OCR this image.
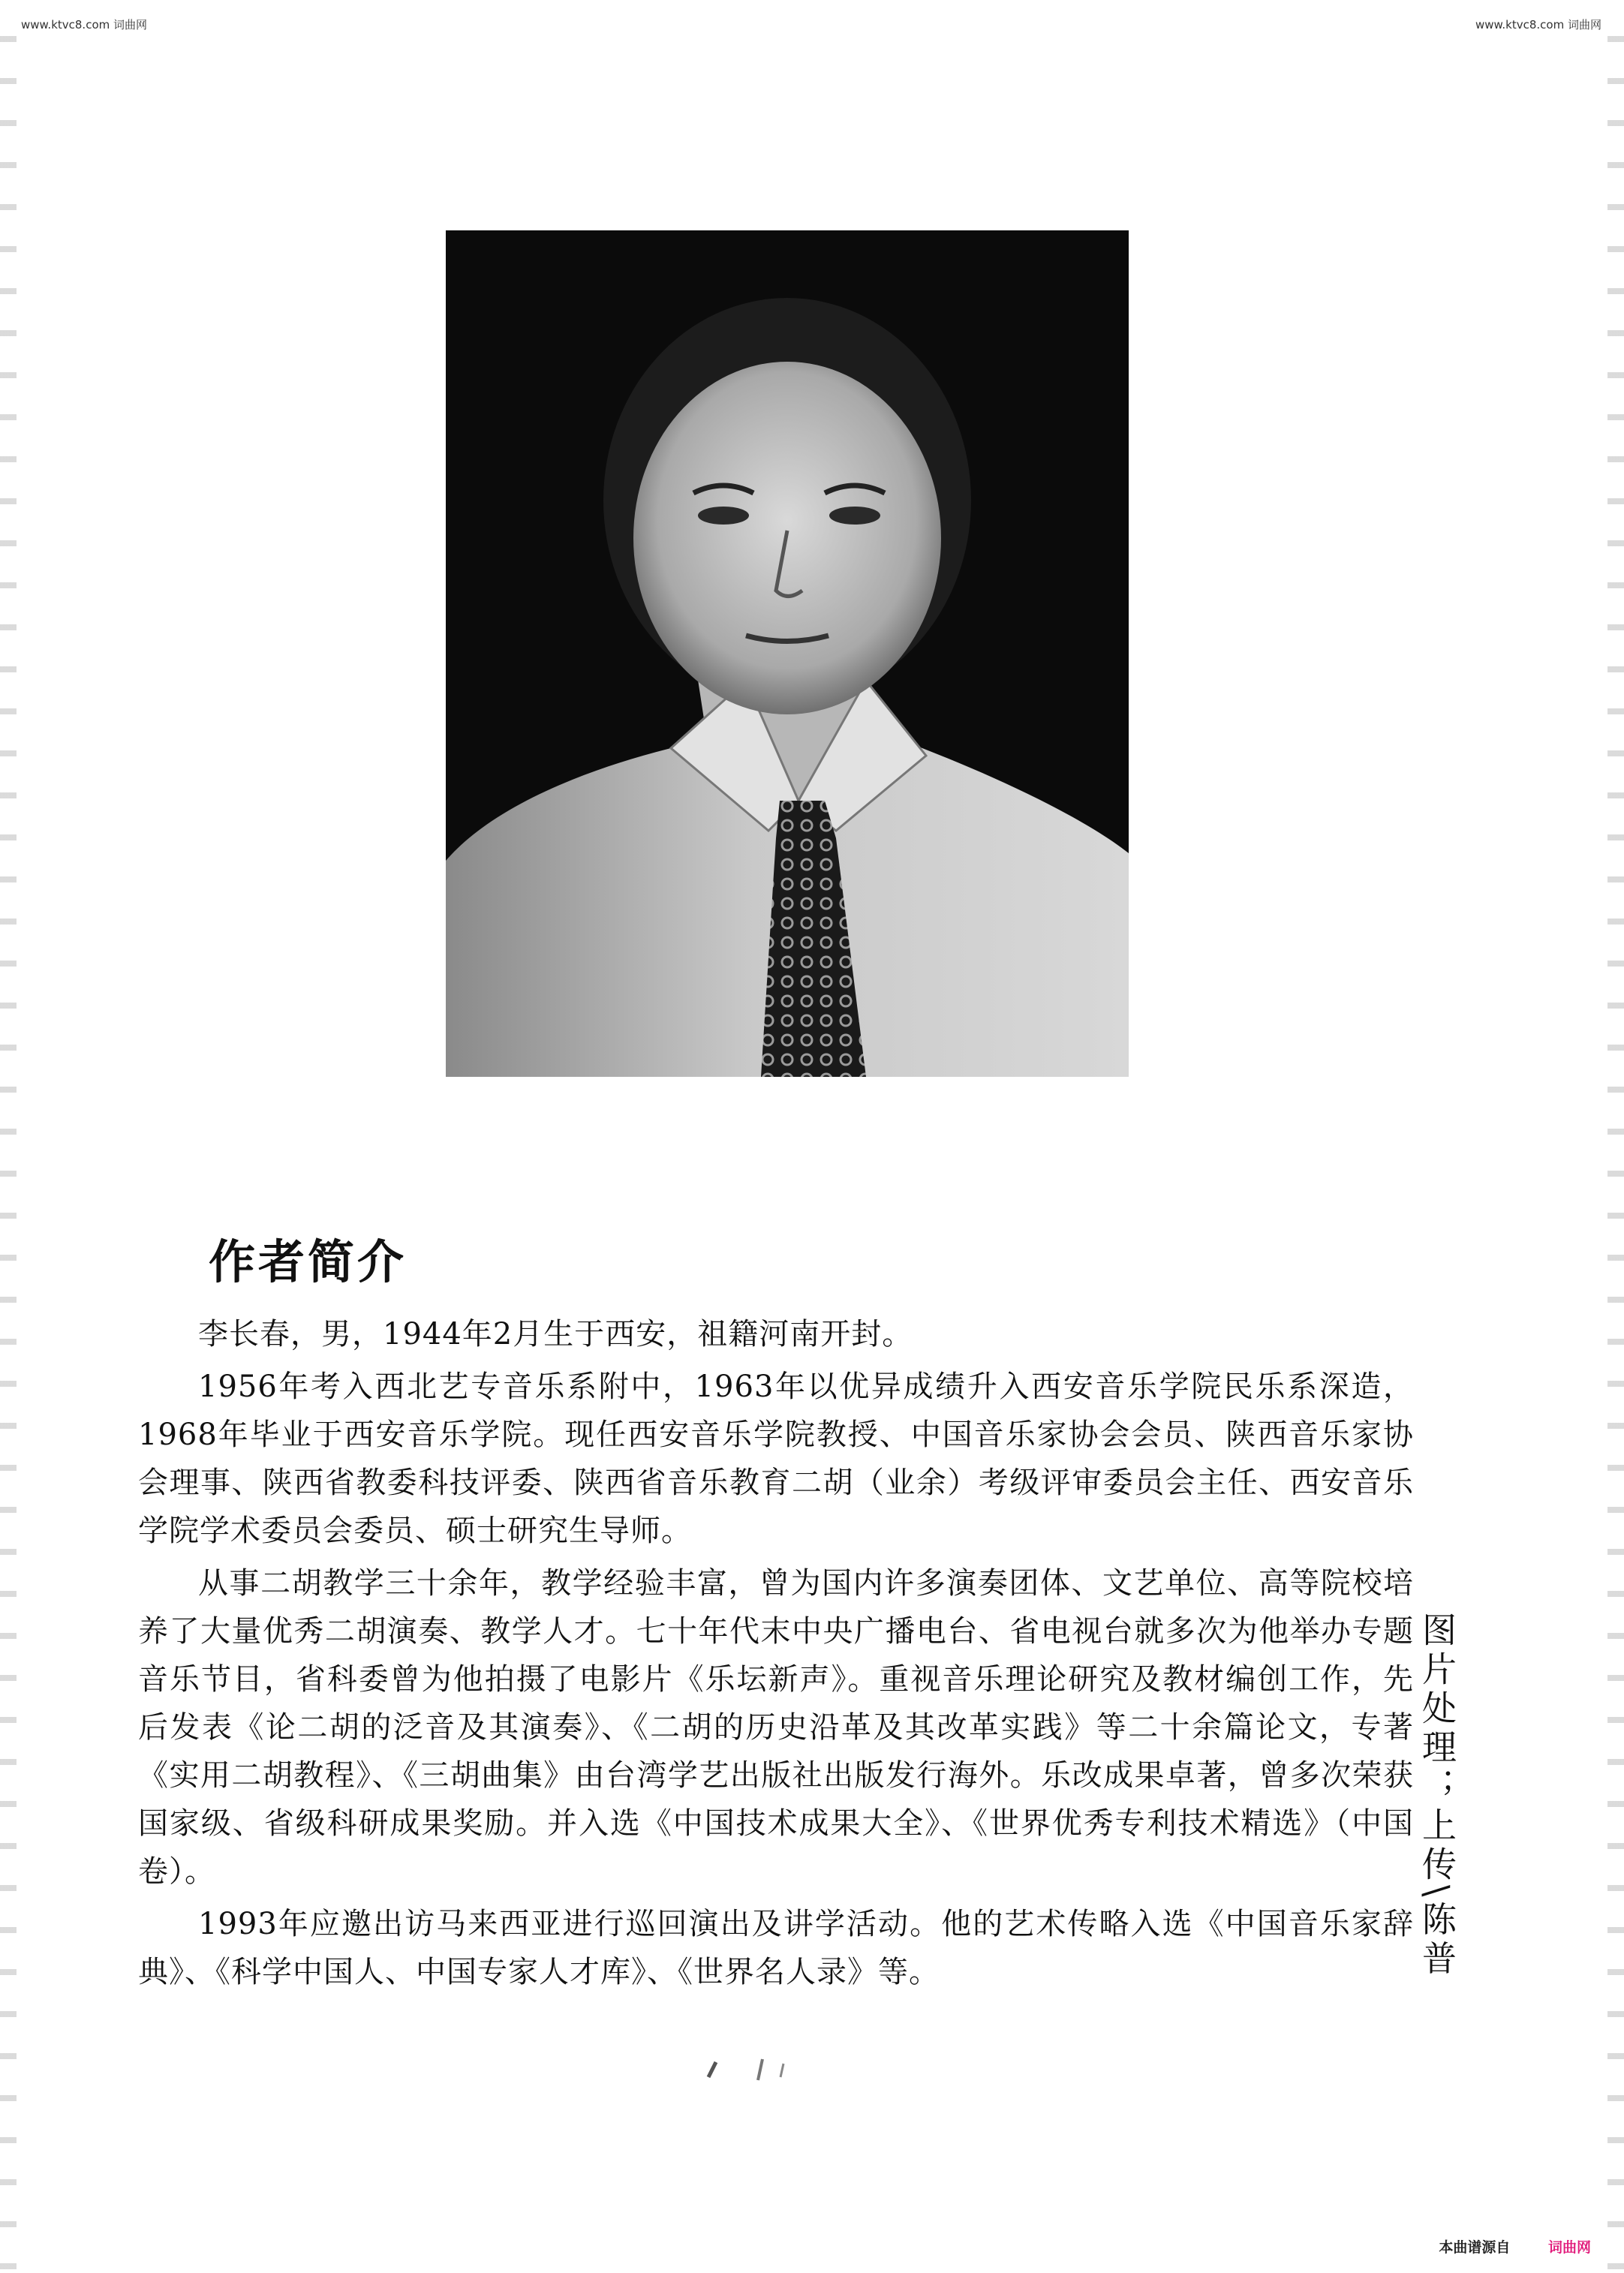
www.ktvc8.com 词曲网	www.ktvc8.com 词曲网
作者简介

李长春，男，1944年2月生于西安，祖籍河南开封。

1956年考入西北艺专音乐系附中，1963年以优异成绩升入西安音乐学院民乐系深造，1968年毕业于西安音乐学院。现任西安音乐学院教授、中国音乐家协会会员、陕西音乐家协会理事、陕西省教委科技评委、陕西省音乐教育二胡（业余）考级评审委员会主任、西安音乐学院学术委员会委员、硕士研究生导师。

从事二胡教学三十余年，教学经验丰富，曾为国内许多演奏团体、文艺单位、高等院校培养了大量优秀二胡演奏、教学人才。七十年代末中央广播电台、省电视台就多次为他举办专题音乐节目，省科委曾为他拍摄了电影片《乐坛新声》。重视音乐理论研究及教材编创工作，先后发表《论二胡的泛音及其演奏》、《二胡的历史沿革及其改革实践》等二十余篇论文，专著《实用二胡教程》、《三胡曲集》由台湾学艺出版社出版发行海外。乐改成果卓著，曾多次荣获国家级、省级科研成果奖励。并入选《中国技术成果大全》、《世界优秀专利技术精选》（中国卷）。

1993年应邀出访马来西亚进行巡回演出及讲学活动。他的艺术传略入选《中国音乐家辞典》、《科学中国人、中国专家人才库》、《世界名人录》等。	图片处理；上传\陈普
本曲谱源自	词曲网
